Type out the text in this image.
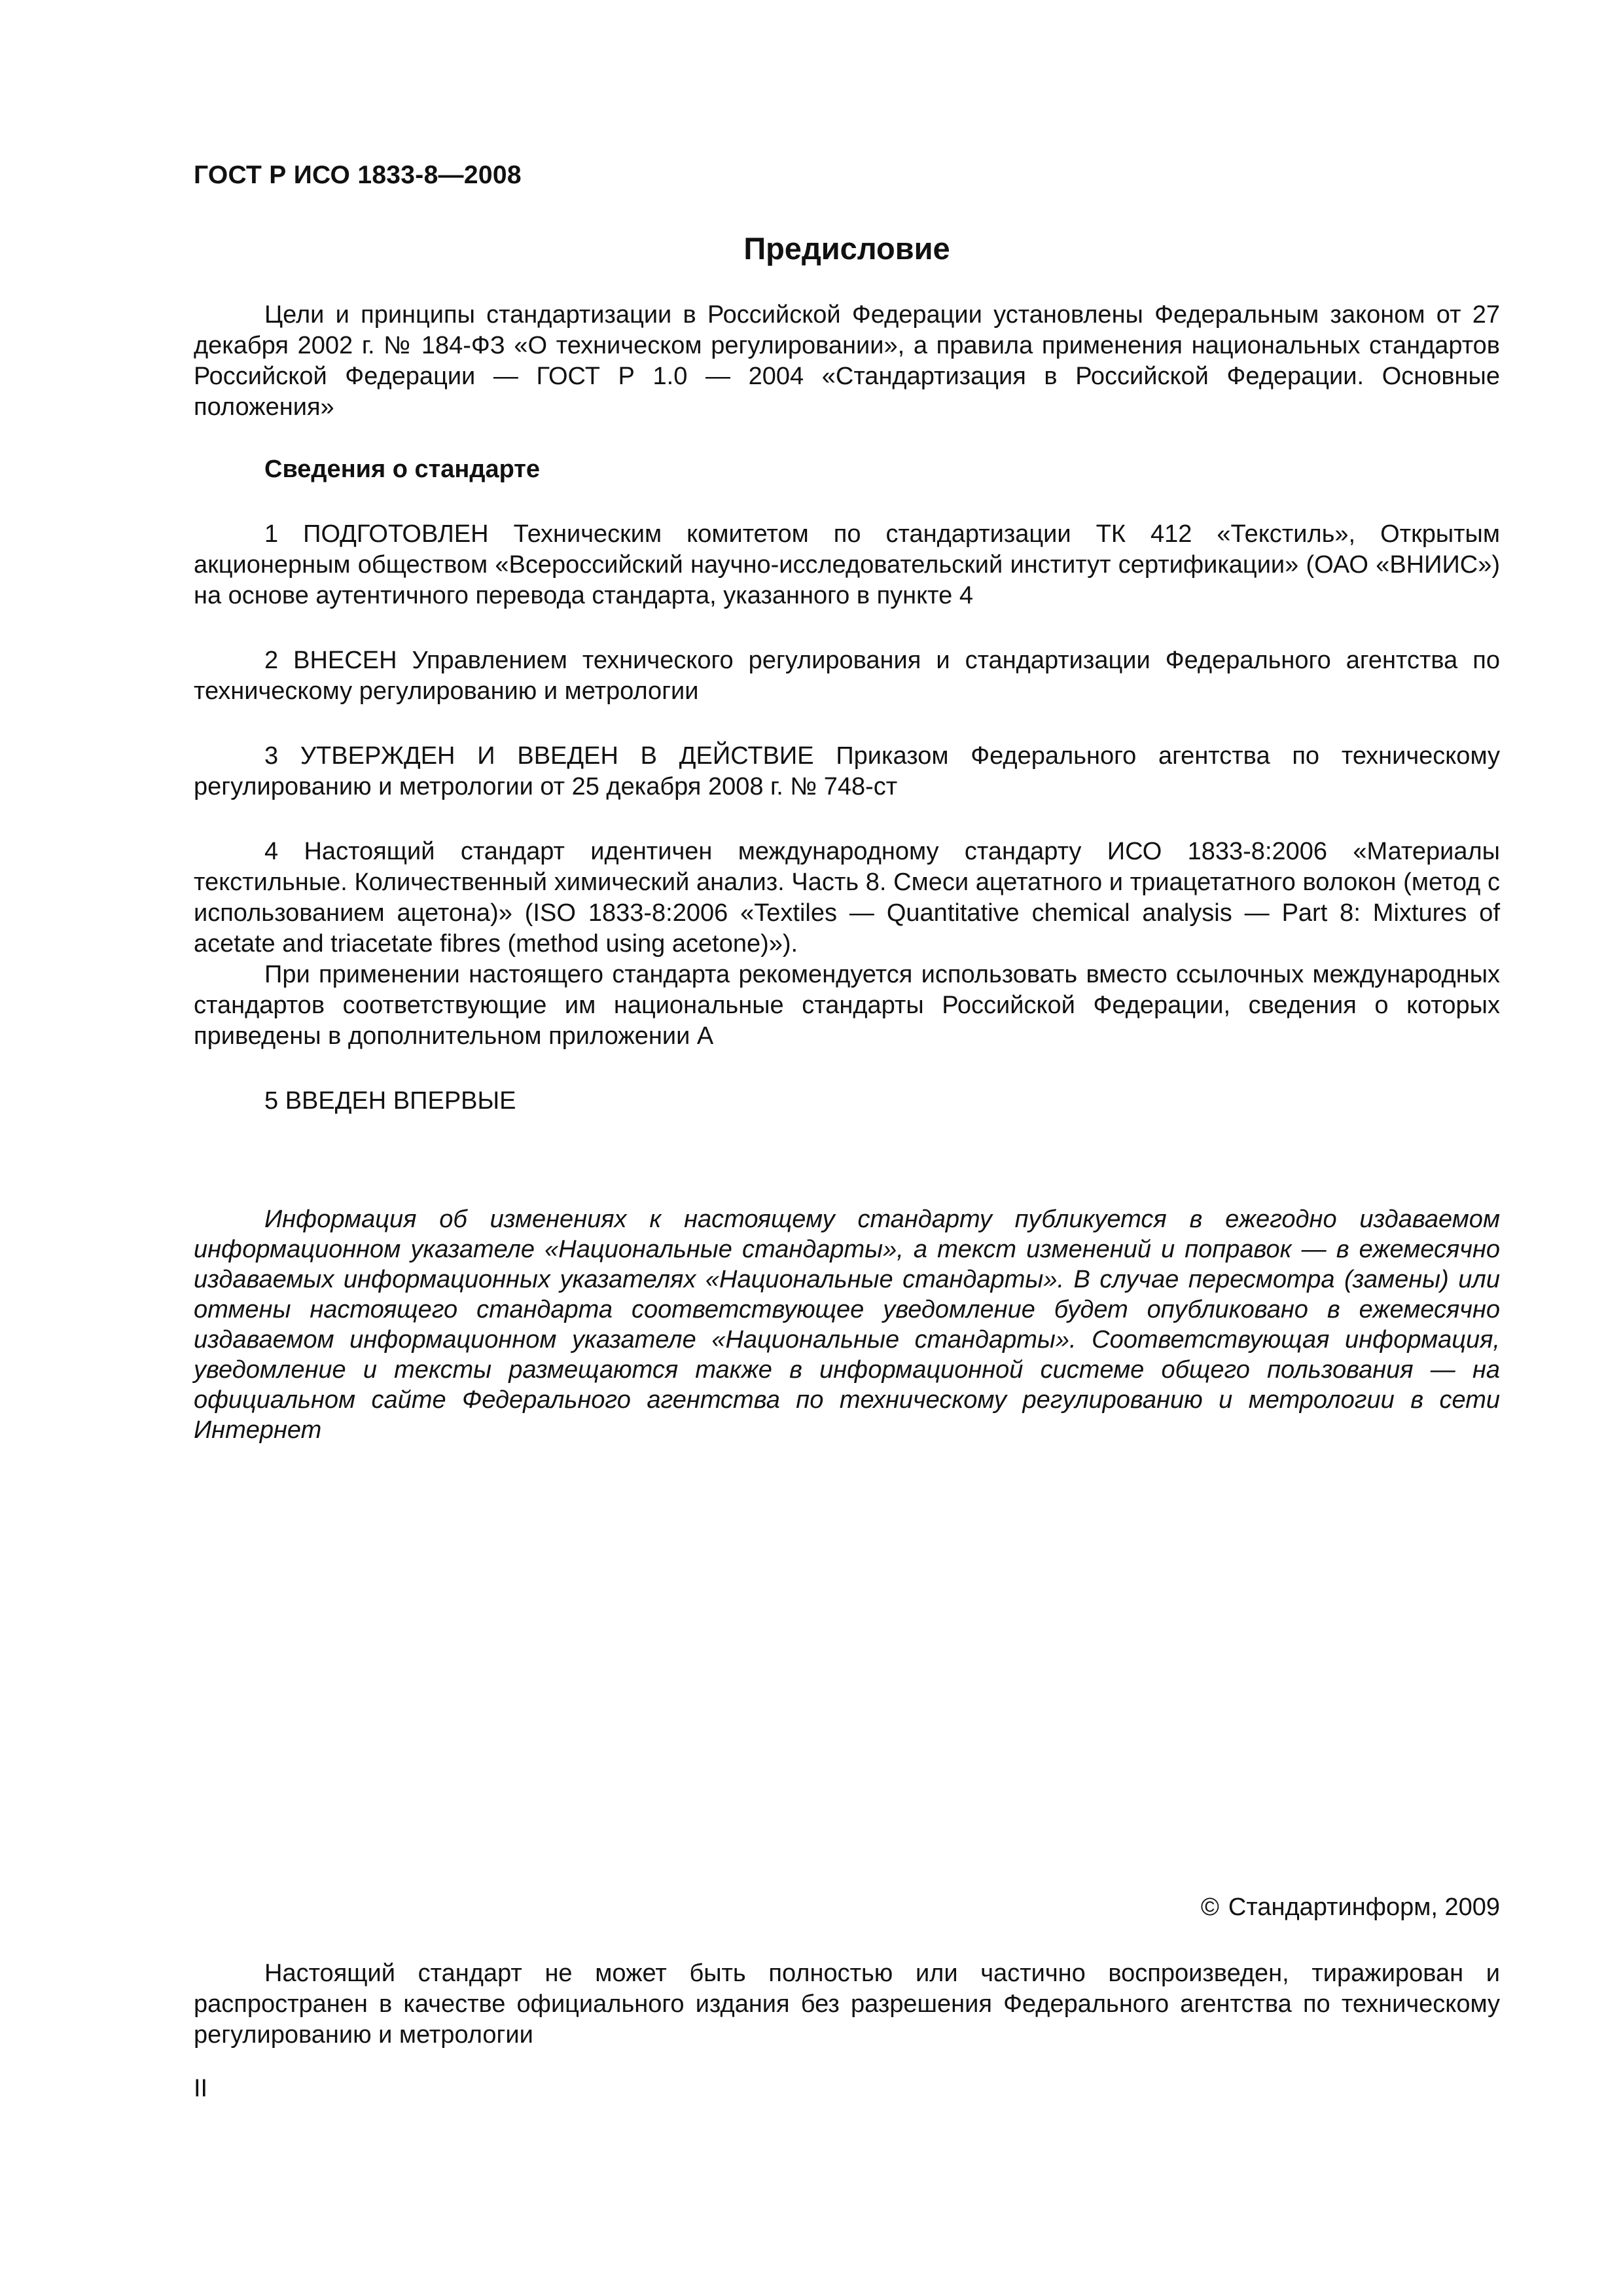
ГОСТ Р ИСО 1833-8—2008

Предисловие

Цели и принципы стандартизации в Российской Федерации установлены Федеральным законом от 27 декабря 2002 г. № 184-ФЗ «О техническом регулировании», а правила применения национальных стандартов Российской Федерации — ГОСТ Р 1.0 — 2004 «Стандартизация в Российской Федерации. Основные положения»

Сведения о стандарте

1 ПОДГОТОВЛЕН Техническим комитетом по стандартизации ТК 412 «Текстиль», Открытым акционерным обществом «Всероссийский научно-исследовательский институт сертификации» (ОАО «ВНИИС») на основе аутентичного перевода стандарта, указанного в пункте 4

2 ВНЕСЕН Управлением технического регулирования и стандартизации Федерального агентства по техническому регулированию и метрологии

3 УТВЕРЖДЕН И ВВЕДЕН В ДЕЙСТВИЕ Приказом Федерального агентства по техническому регулированию и метрологии от 25 декабря 2008 г. № 748-ст

4 Настоящий стандарт идентичен международному стандарту ИСО 1833-8:2006 «Материалы текстильные. Количественный химический анализ. Часть 8. Смеси ацетатного и триацетатного волокон (метод с использованием ацетона)» (ISO 1833-8:2006 «Textiles — Quantitative chemical analysis — Part 8: Mixtures of acetate and triacetate fibres (method using acetone)»).

При применении настоящего стандарта рекомендуется использовать вместо ссылочных международных стандартов соответствующие им национальные стандарты Российской Федерации, сведения о которых приведены в дополнительном приложении А

5 ВВЕДЕН ВПЕРВЫЕ

Информация об изменениях к настоящему стандарту публикуется в ежегодно издаваемом информационном указателе «Национальные стандарты», а текст изменений и поправок — в ежемесячно издаваемых информационных указателях «Национальные стандарты». В случае пересмотра (замены) или отмены настоящего стандарта соответствующее уведомление будет опубликовано в ежемесячно издаваемом информационном указателе «Национальные стандарты». Соответствующая информация, уведомление и тексты размещаются также в информационной системе общего пользования — на официальном сайте Федерального агентства по техническому регулированию и метрологии в сети Интернет

© Стандартинформ, 2009

Настоящий стандарт не может быть полностью или частично воспроизведен, тиражирован и распространен в качестве официального издания без разрешения Федерального агентства по техническому регулированию и метрологии

II
